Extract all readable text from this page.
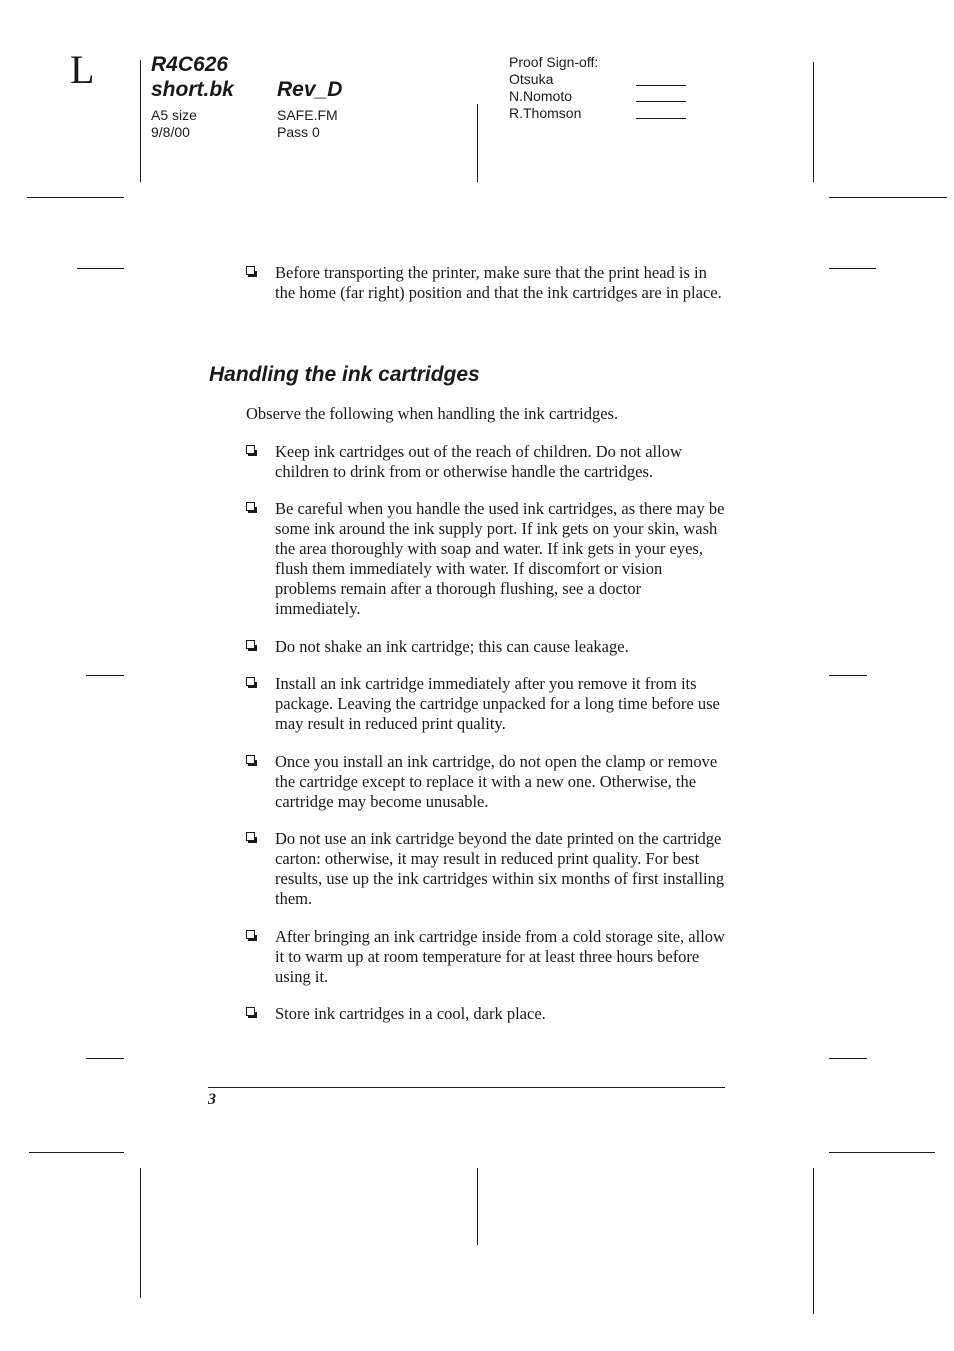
L	R4C626
short.bk Rev_D
A5 size
9/8/00
SAFE.FM
Pass 0
Proof Sign-off:
Otsuka
N.Nomoto
R.Thomson
Before transporting the printer, make sure that the print head is in the home (far right) position and that the ink cartridges are in place.
Handling the ink cartridges
Observe the following when handling the ink cartridges.
Keep ink cartridges out of the reach of children. Do not allow children to drink from or otherwise handle the cartridges.
Be careful when you handle the used ink cartridges, as there may be some ink around the ink supply port. If ink gets on your skin, wash the area thoroughly with soap and water. If ink gets in your eyes, flush them immediately with water. If discomfort or vision problems remain after a thorough flushing, see a doctor immediately.
Do not shake an ink cartridge; this can cause leakage.
Install an ink cartridge immediately after you remove it from its package. Leaving the cartridge unpacked for a long time before use may result in reduced print quality.
Once you install an ink cartridge, do not open the clamp or remove the cartridge except to replace it with a new one. Otherwise, the cartridge may become unusable.
Do not use an ink cartridge beyond the date printed on the cartridge carton: otherwise, it may result in reduced print quality. For best results, use up the ink cartridges within six months of first installing them.
After bringing an ink cartridge inside from a cold storage site, allow it to warm up at room temperature for at least three hours before using it.
Store ink cartridges in a cool, dark place.
3
